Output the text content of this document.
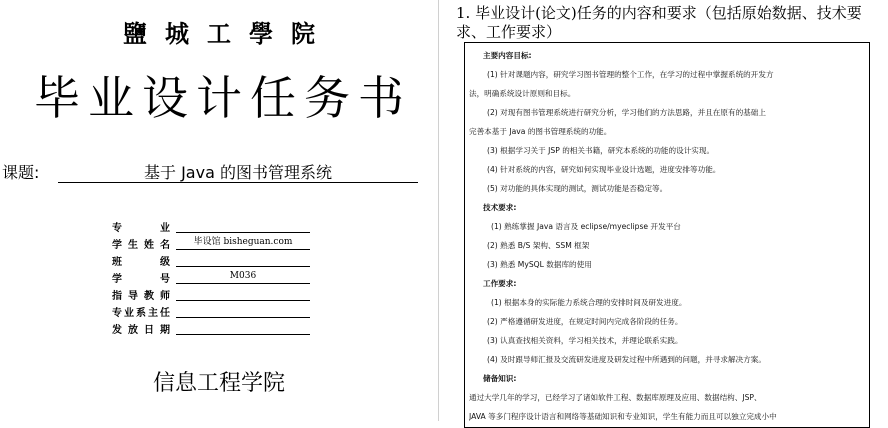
鹽城工學院
毕业设计任务书
课题:	基于 Java 的图书管理系统
专　业
学生姓名	毕设馆 bisheguan.com
班　级
学　号	M036
指导教师
专业系主任
发放日期
信息工程学院
1. 毕业设计(论文)任务的内容和要求（包括原始数据、技术要求、工作要求）
主要内容目标:
(1) 针对课题内容，研究学习图书管理的整个工作，在学习的过程中掌握系统的开发方
法，明确系统设计原则和目标。
(2) 对现有图书管理系统进行研究分析，学习他们的方法思路，并且在原有的基础上
完善本基于 Java 的图书管理系统的功能。
(3) 根据学习关于 JSP 的相关书籍，研究本系统的功能的设计实现。
(4) 针对系统的内容，研究如何实现毕业设计选题，进度安排等功能。
(5) 对功能的具体实现的测试，测试功能是否稳定等。
技术要求:
(1) 熟练掌握 Java 语言及 eclipse/myeclipse 开发平台
(2) 熟悉 B/S 架构、SSM 框架
(3) 熟悉 MySQL 数据库的使用
工作要求:
(1) 根据本身的实际能力系统合理的安排时间及研发进度。
(2) 严格遵循研发进度，在规定时间内完成各阶段的任务。
(3) 认真查找相关资料，学习相关技术，并理论联系实践。
(4) 及时跟导师汇报及交流研发进度及研发过程中所遇到的问题，并寻求解决方案。
储备知识:
通过大学几年的学习，已经学习了诸如软件工程、数据库原理及应用、数据结构、JSP、
JAVA 等多门程序设计语言和网络等基础知识和专业知识，学生有能力而且可以独立完成小中
